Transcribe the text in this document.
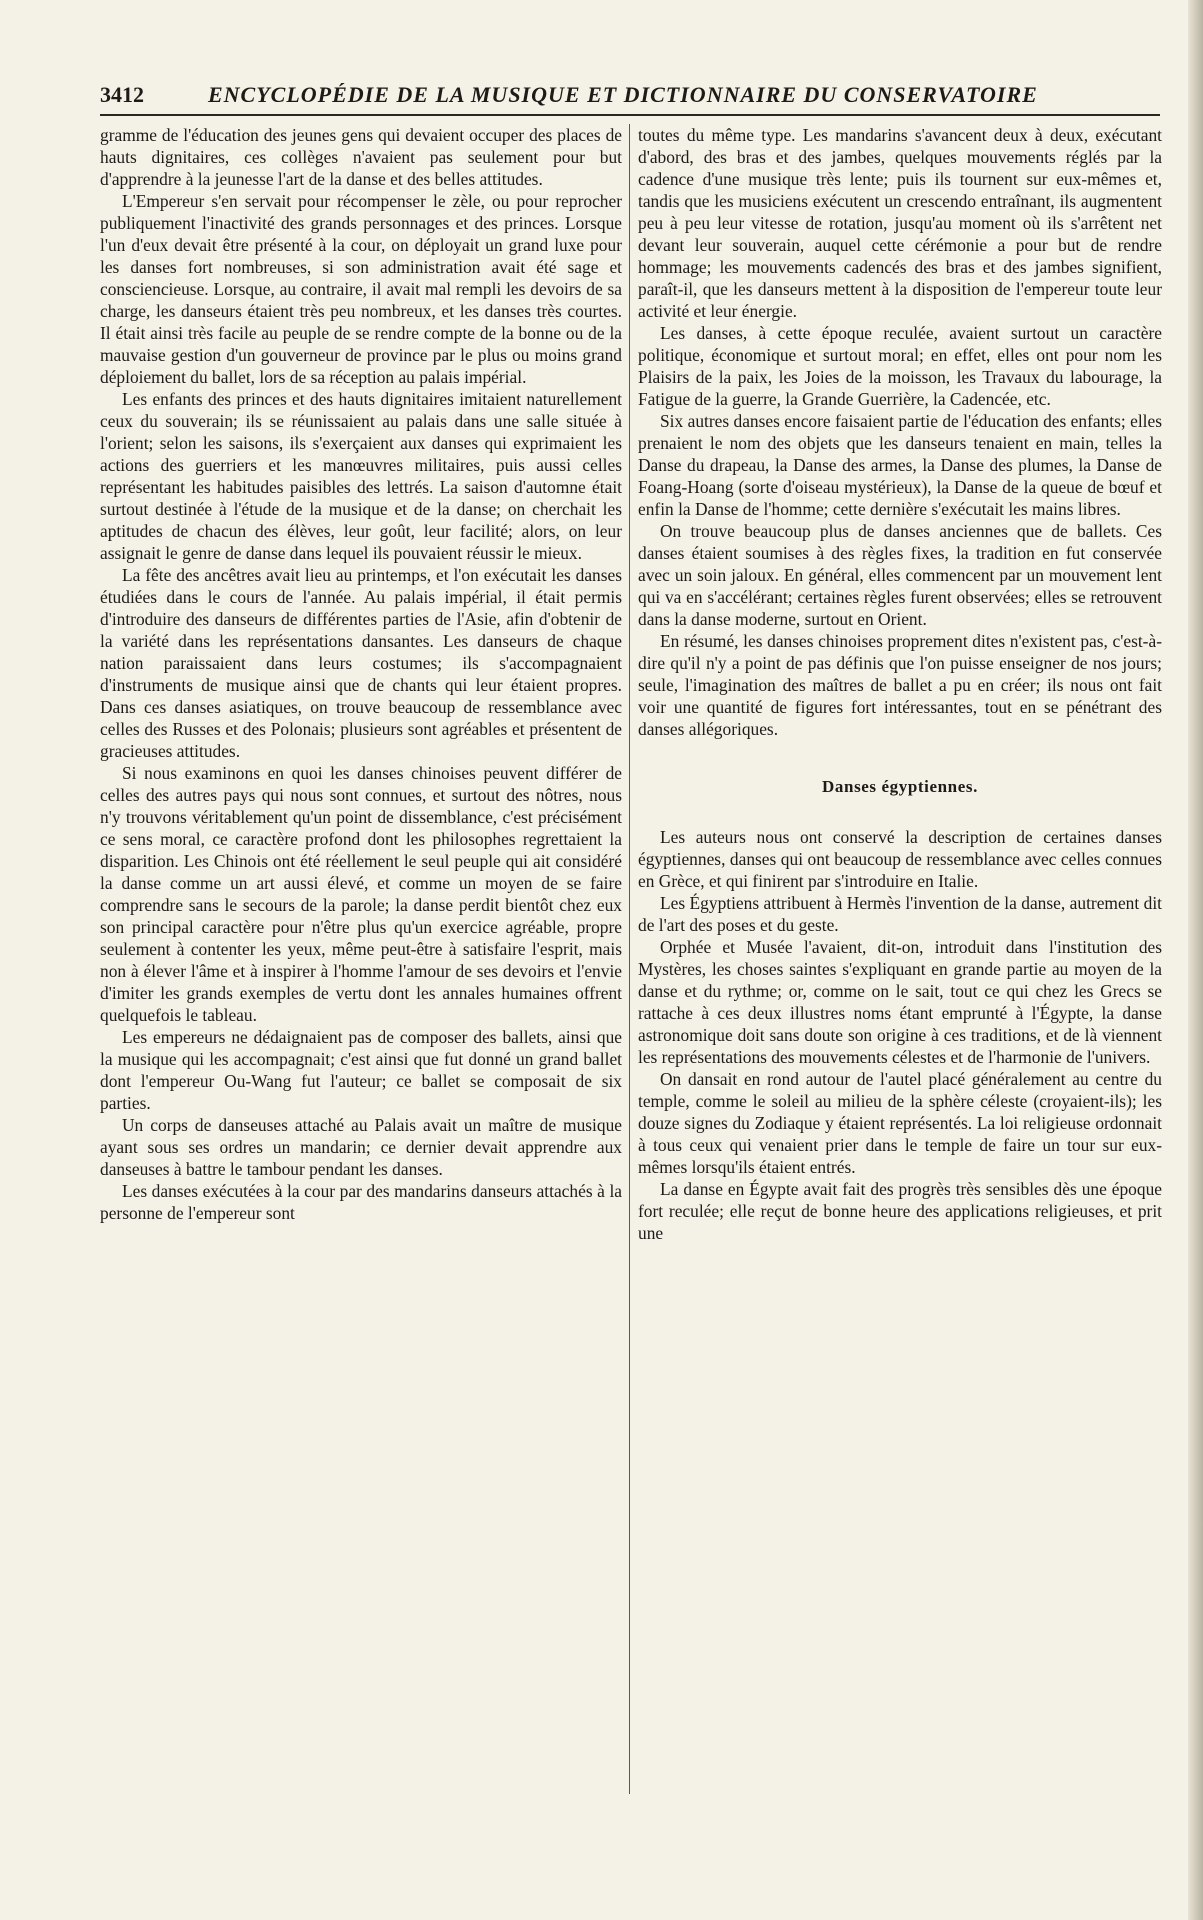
3412	ENCYCLOPÉDIE DE LA MUSIQUE ET DICTIONNAIRE DU CONSERVATOIRE

gramme de l'éducation des jeunes gens qui devaient occuper des places de hauts dignitaires, ces collèges n'avaient pas seulement pour but d'apprendre à la jeunesse l'art de la danse et des belles attitudes.

L'Empereur s'en servait pour récompenser le zèle, ou pour reprocher publiquement l'inactivité des grands personnages et des princes. Lorsque l'un d'eux devait être présenté à la cour, on déployait un grand luxe pour les danses fort nombreuses, si son administration avait été sage et consciencieuse. Lorsque, au contraire, il avait mal rempli les devoirs de sa charge, les danseurs étaient très peu nombreux, et les danses très courtes. Il était ainsi très facile au peuple de se rendre compte de la bonne ou de la mauvaise gestion d'un gouverneur de province par le plus ou moins grand déploiement du ballet, lors de sa réception au palais impérial.

Les enfants des princes et des hauts dignitaires imitaient naturellement ceux du souverain; ils se réunissaient au palais dans une salle située à l'orient; selon les saisons, ils s'exerçaient aux danses qui exprimaient les actions des guerriers et les manœuvres militaires, puis aussi celles représentant les habitudes paisibles des lettrés. La saison d'automne était surtout destinée à l'étude de la musique et de la danse; on cherchait les aptitudes de chacun des élèves, leur goût, leur facilité; alors, on leur assignait le genre de danse dans lequel ils pouvaient réussir le mieux.

La fête des ancêtres avait lieu au printemps, et l'on exécutait les danses étudiées dans le cours de l'année. Au palais impérial, il était permis d'introduire des danseurs de différentes parties de l'Asie, afin d'obtenir de la variété dans les représentations dansantes. Les danseurs de chaque nation paraissaient dans leurs costumes; ils s'accompagnaient d'instruments de musique ainsi que de chants qui leur étaient propres. Dans ces danses asiatiques, on trouve beaucoup de ressemblance avec celles des Russes et des Polonais; plusieurs sont agréables et présentent de gracieuses attitudes.

Si nous examinons en quoi les danses chinoises peuvent différer de celles des autres pays qui nous sont connues, et surtout des nôtres, nous n'y trouvons véritablement qu'un point de dissemblance, c'est précisément ce sens moral, ce caractère profond dont les philosophes regrettaient la disparition. Les Chinois ont été réellement le seul peuple qui ait considéré la danse comme un art aussi élevé, et comme un moyen de se faire comprendre sans le secours de la parole; la danse perdit bientôt chez eux son principal caractère pour n'être plus qu'un exercice agréable, propre seulement à contenter les yeux, même peut-être à satisfaire l'esprit, mais non à élever l'âme et à inspirer à l'homme l'amour de ses devoirs et l'envie d'imiter les grands exemples de vertu dont les annales humaines offrent quelquefois le tableau.

Les empereurs ne dédaignaient pas de composer des ballets, ainsi que la musique qui les accompagnait; c'est ainsi que fut donné un grand ballet dont l'empereur Ou-Wang fut l'auteur; ce ballet se composait de six parties.

Un corps de danseuses attaché au Palais avait un maître de musique ayant sous ses ordres un mandarin; ce dernier devait apprendre aux danseuses à battre le tambour pendant les danses.

Les danses exécutées à la cour par des mandarins danseurs attachés à la personne de l'empereur sont

toutes du même type. Les mandarins s'avancent deux à deux, exécutant d'abord, des bras et des jambes, quelques mouvements réglés par la cadence d'une musique très lente; puis ils tournent sur eux-mêmes et, tandis que les musiciens exécutent un crescendo entraînant, ils augmentent peu à peu leur vitesse de rotation, jusqu'au moment où ils s'arrêtent net devant leur souverain, auquel cette cérémonie a pour but de rendre hommage; les mouvements cadencés des bras et des jambes signifient, paraît-il, que les danseurs mettent à la disposition de l'empereur toute leur activité et leur énergie.

Les danses, à cette époque reculée, avaient surtout un caractère politique, économique et surtout moral; en effet, elles ont pour nom les Plaisirs de la paix, les Joies de la moisson, les Travaux du labourage, la Fatigue de la guerre, la Grande Guerrière, la Cadencée, etc.

Six autres danses encore faisaient partie de l'éducation des enfants; elles prenaient le nom des objets que les danseurs tenaient en main, telles la Danse du drapeau, la Danse des armes, la Danse des plumes, la Danse de Foang-Hoang (sorte d'oiseau mystérieux), la Danse de la queue de bœuf et enfin la Danse de l'homme; cette dernière s'exécutait les mains libres.

On trouve beaucoup plus de danses anciennes que de ballets. Ces danses étaient soumises à des règles fixes, la tradition en fut conservée avec un soin jaloux. En général, elles commencent par un mouvement lent qui va en s'accélérant; certaines règles furent observées; elles se retrouvent dans la danse moderne, surtout en Orient.

En résumé, les danses chinoises proprement dites n'existent pas, c'est-à-dire qu'il n'y a point de pas définis que l'on puisse enseigner de nos jours; seule, l'imagination des maîtres de ballet a pu en créer; ils nous ont fait voir une quantité de figures fort intéressantes, tout en se pénétrant des danses allégoriques.

Danses égyptiennes.

Les auteurs nous ont conservé la description de certaines danses égyptiennes, danses qui ont beaucoup de ressemblance avec celles connues en Grèce, et qui finirent par s'introduire en Italie.

Les Égyptiens attribuent à Hermès l'invention de la danse, autrement dit de l'art des poses et du geste.

Orphée et Musée l'avaient, dit-on, introduit dans l'institution des Mystères, les choses saintes s'expliquant en grande partie au moyen de la danse et du rythme; or, comme on le sait, tout ce qui chez les Grecs se rattache à ces deux illustres noms étant emprunté à l'Égypte, la danse astronomique doit sans doute son origine à ces traditions, et de là viennent les représentations des mouvements célestes et de l'harmonie de l'univers.

On dansait en rond autour de l'autel placé généralement au centre du temple, comme le soleil au milieu de la sphère céleste (croyaient-ils); les douze signes du Zodiaque y étaient représentés. La loi religieuse ordonnait à tous ceux qui venaient prier dans le temple de faire un tour sur eux-mêmes lorsqu'ils étaient entrés.

La danse en Égypte avait fait des progrès très sensibles dès une époque fort reculée; elle reçut de bonne heure des applications religieuses, et prit une
